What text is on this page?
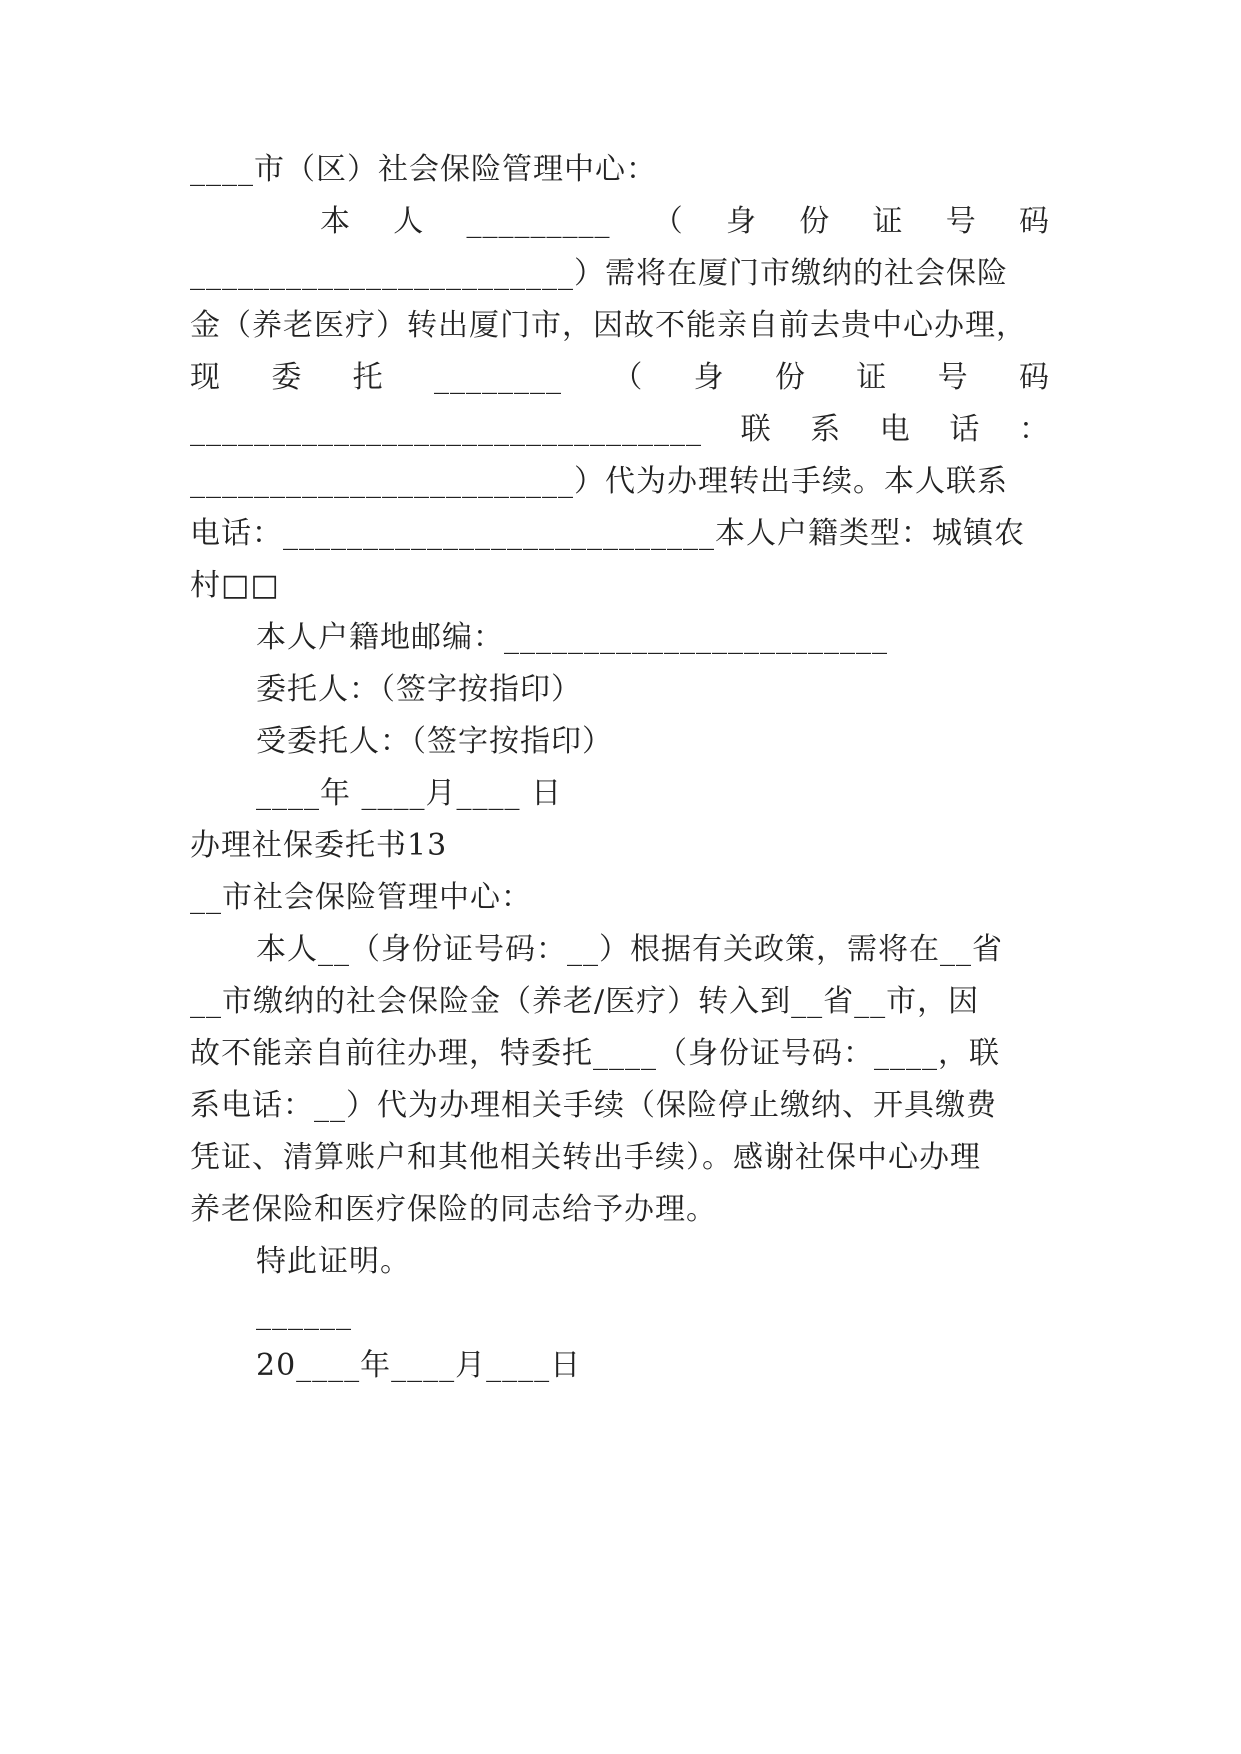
____市（区）社会保险管理中心：
本 人 _________ （ 身 份 证 号 码
________________________）需将在厦门市缴纳的社会保险
金（养老医疗）转出厦门市，因故不能亲自前去贵中心办理，
现 委 托 ________ （ 身 份 证 号 码
________________________________ 联 系 电 话 ：
________________________）代为办理转出手续。本人联系
电话：___________________________本人户籍类型：城镇农
村□□
本人户籍地邮编：________________________
委托人：（签字按指印）
受委托人：（签字按指印）
____年 ____月____ 日
办理社保委托书13
__市社会保险管理中心：
本人__（身份证号码：__）根据有关政策，需将在__省
__市缴纳的社会保险金（养老/医疗）转入到__省__市，因
故不能亲自前往办理，特委托____（身份证号码：____，联
系电话：__）代为办理相关手续（保险停止缴纳、开具缴费
凭证、清算账户和其他相关转出手续）。感谢社保中心办理
养老保险和医疗保险的同志给予办理。
特此证明。
______
20____年____月____日
